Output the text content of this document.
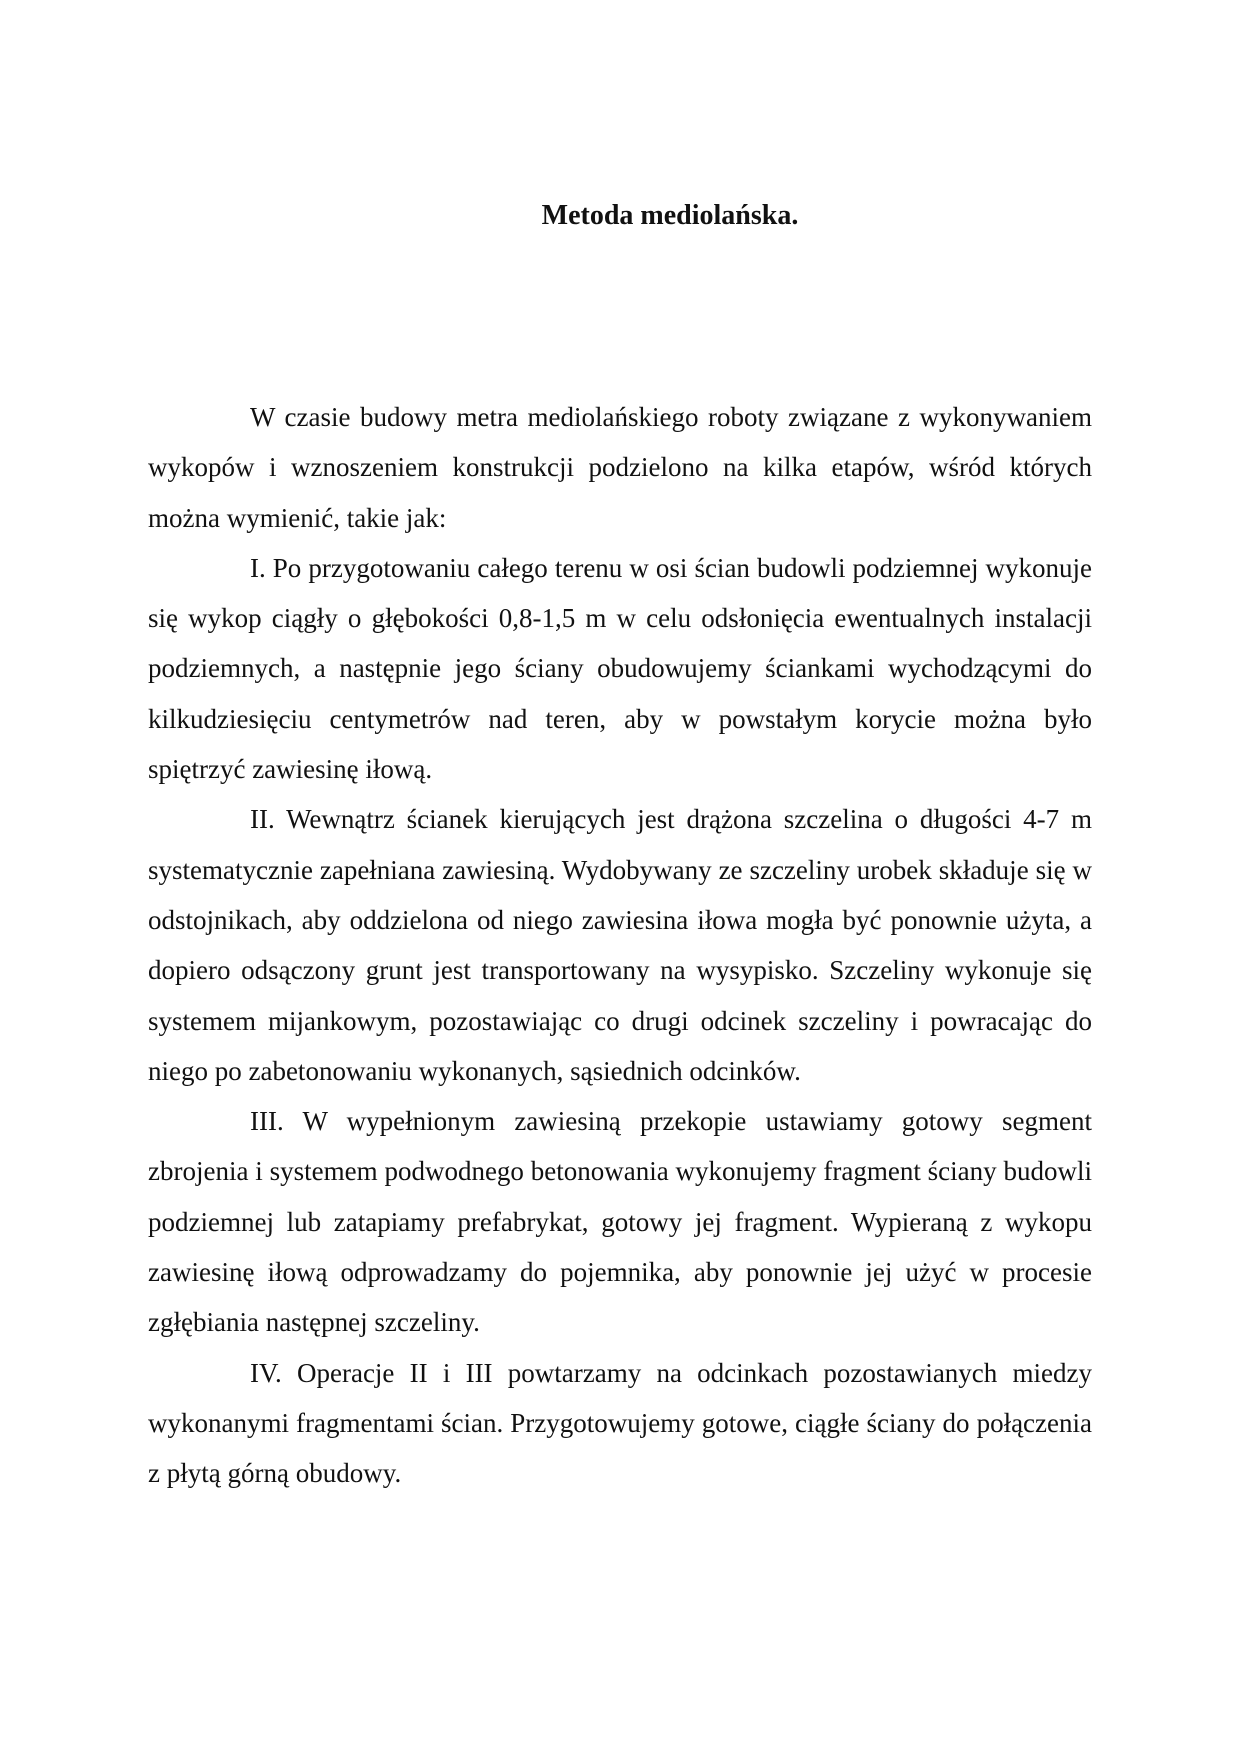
Metoda mediolańska.

W czasie budowy metra mediolańskiego roboty związane z wykonywaniem wykopów i wznoszeniem konstrukcji podzielono na kilka etapów, wśród których można wymienić, takie jak:

I. Po przygotowaniu całego terenu w osi ścian budowli podziemnej wykonuje się wykop ciągły o głębokości 0,8-1,5 m w celu odsłonięcia ewentualnych instalacji podziemnych, a następnie jego ściany obudowujemy ściankami wychodzącymi do kilkudziesięciu centymetrów nad teren, aby w powstałym korycie można było spiętrzyć zawiesinę iłową.

II. Wewnątrz ścianek kierujących jest drążona szczelina o długości 4-7 m systematycznie zapełniana zawiesiną. Wydobywany ze szczeliny urobek składuje się w odstojnikach, aby oddzielona od niego zawiesina iłowa mogła być ponownie użyta, a dopiero odsączony grunt jest transportowany na wysypisko. Szczeliny wykonuje się systemem mijankowym, pozostawiając co drugi odcinek szczeliny i powracając do niego po zabetonowaniu wykonanych, sąsiednich odcinków.

III. W wypełnionym zawiesiną przekopie ustawiamy gotowy segment zbrojenia i systemem podwodnego betonowania wykonujemy fragment ściany budowli podziemnej lub zatapiamy prefabrykat, gotowy jej fragment. Wypieraną z wykopu zawiesinę iłową odprowadzamy do pojemnika, aby ponownie jej użyć w procesie zgłębiania następnej szczeliny.

IV. Operacje II i III powtarzamy na odcinkach pozostawianych miedzy wykonanymi fragmentami ścian. Przygotowujemy gotowe, ciągłe ściany do połączenia z płytą górną obudowy.
